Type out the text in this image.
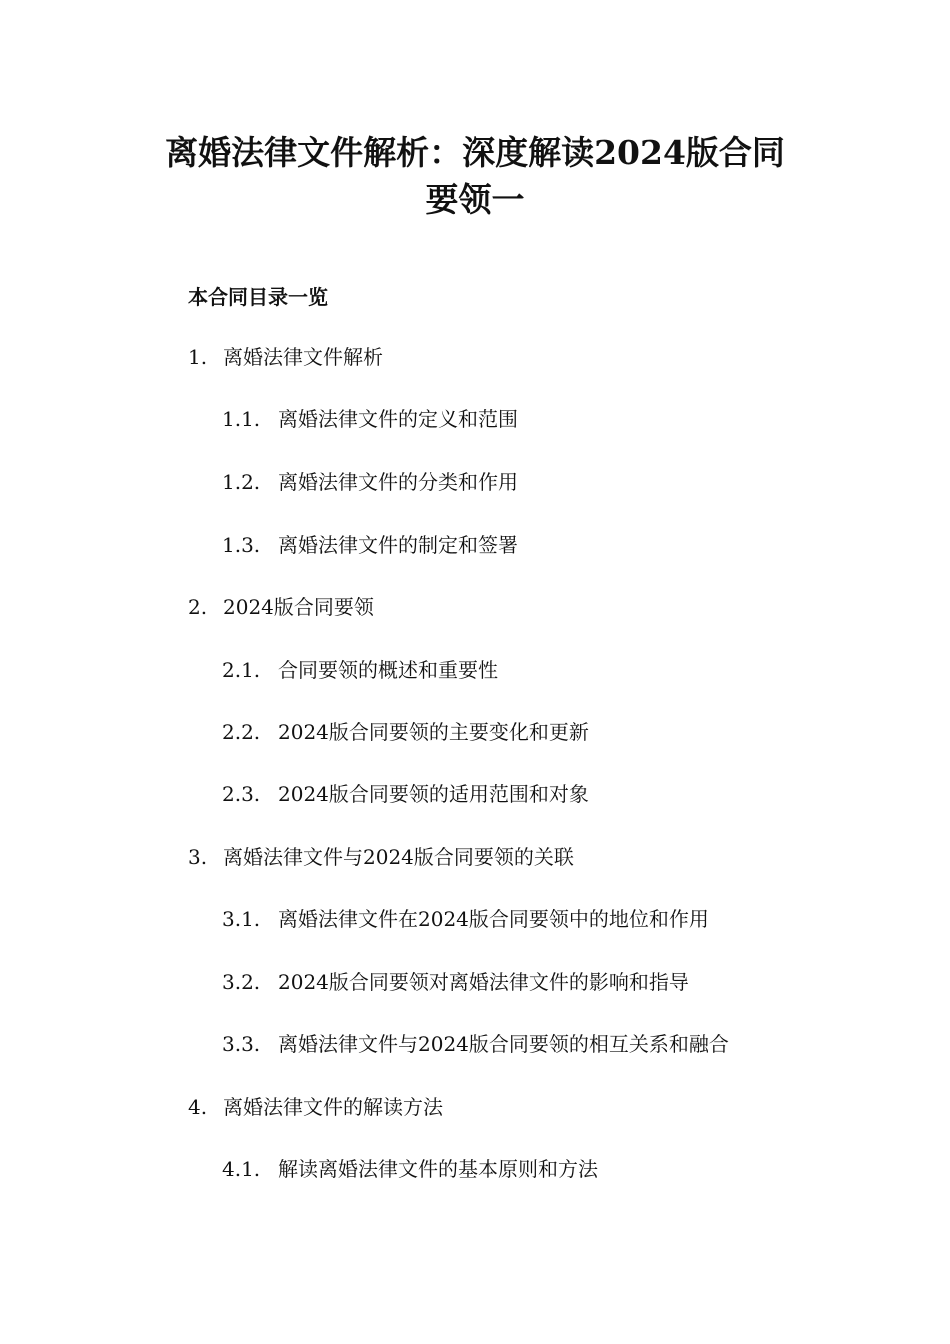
离婚法律文件解析：深度解读2024版合同
要领一
本合同目录一览
1. 离婚法律文件解析
1.1. 离婚法律文件的定义和范围
1.2. 离婚法律文件的分类和作用
1.3. 离婚法律文件的制定和签署
2. 2024版合同要领
2.1. 合同要领的概述和重要性
2.2. 2024版合同要领的主要变化和更新
2.3. 2024版合同要领的适用范围和对象
3. 离婚法律文件与2024版合同要领的关联
3.1. 离婚法律文件在2024版合同要领中的地位和作用
3.2. 2024版合同要领对离婚法律文件的影响和指导
3.3. 离婚法律文件与2024版合同要领的相互关系和融合
4. 离婚法律文件的解读方法
4.1. 解读离婚法律文件的基本原则和方法
